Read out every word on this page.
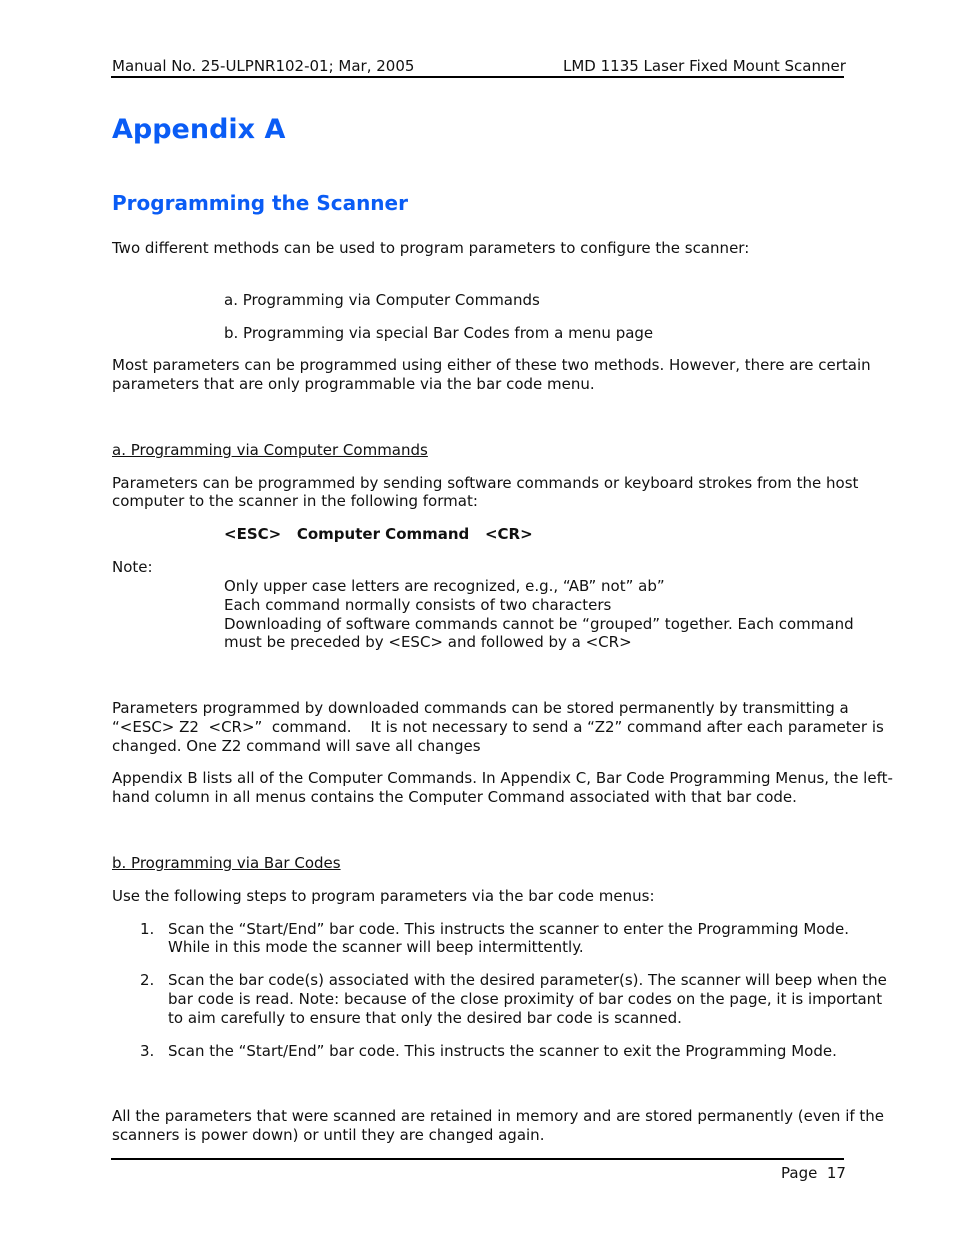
Manual No. 25-ULPNR102-01; Mar, 2005	LMD 1135 Laser Fixed Mount Scanner
Appendix A
Programming the Scanner
Two different methods can be used to program parameters to configure the scanner:
a. Programming via Computer Commands
b. Programming via special Bar Codes from a menu page
Most parameters can be programmed using either of these two methods. However, there are certain
parameters that are only programmable via the bar code menu.
a. Programming via Computer Commands
Parameters can be programmed by sending software commands or keyboard strokes from the host
computer to the scanner in the following format:
<ESC>   Computer Command   <CR>
Note:
Only upper case letters are recognized, e.g., “AB” not” ab”
Each command normally consists of two characters
Downloading of software commands cannot be “grouped” together. Each command
must be preceded by <ESC> and followed by a <CR>
Parameters programmed by downloaded commands can be stored permanently by transmitting a
“<ESC> Z2  <CR>”  command.    It is not necessary to send a “Z2” command after each parameter is
changed. One Z2 command will save all changes
Appendix B lists all of the Computer Commands. In Appendix C, Bar Code Programming Menus, the left-
hand column in all menus contains the Computer Command associated with that bar code.
b. Programming via Bar Codes
Use the following steps to program parameters via the bar code menus:
1. Scan the “Start/End” bar code. This instructs the scanner to enter the Programming Mode.
While in this mode the scanner will beep intermittently.
2. Scan the bar code(s) associated with the desired parameter(s). The scanner will beep when the
bar code is read. Note: because of the close proximity of bar codes on the page, it is important
to aim carefully to ensure that only the desired bar code is scanned.
3. Scan the “Start/End” bar code. This instructs the scanner to exit the Programming Mode.
All the parameters that were scanned are retained in memory and are stored permanently (even if the
scanners is power down) or until they are changed again.
Page  17
